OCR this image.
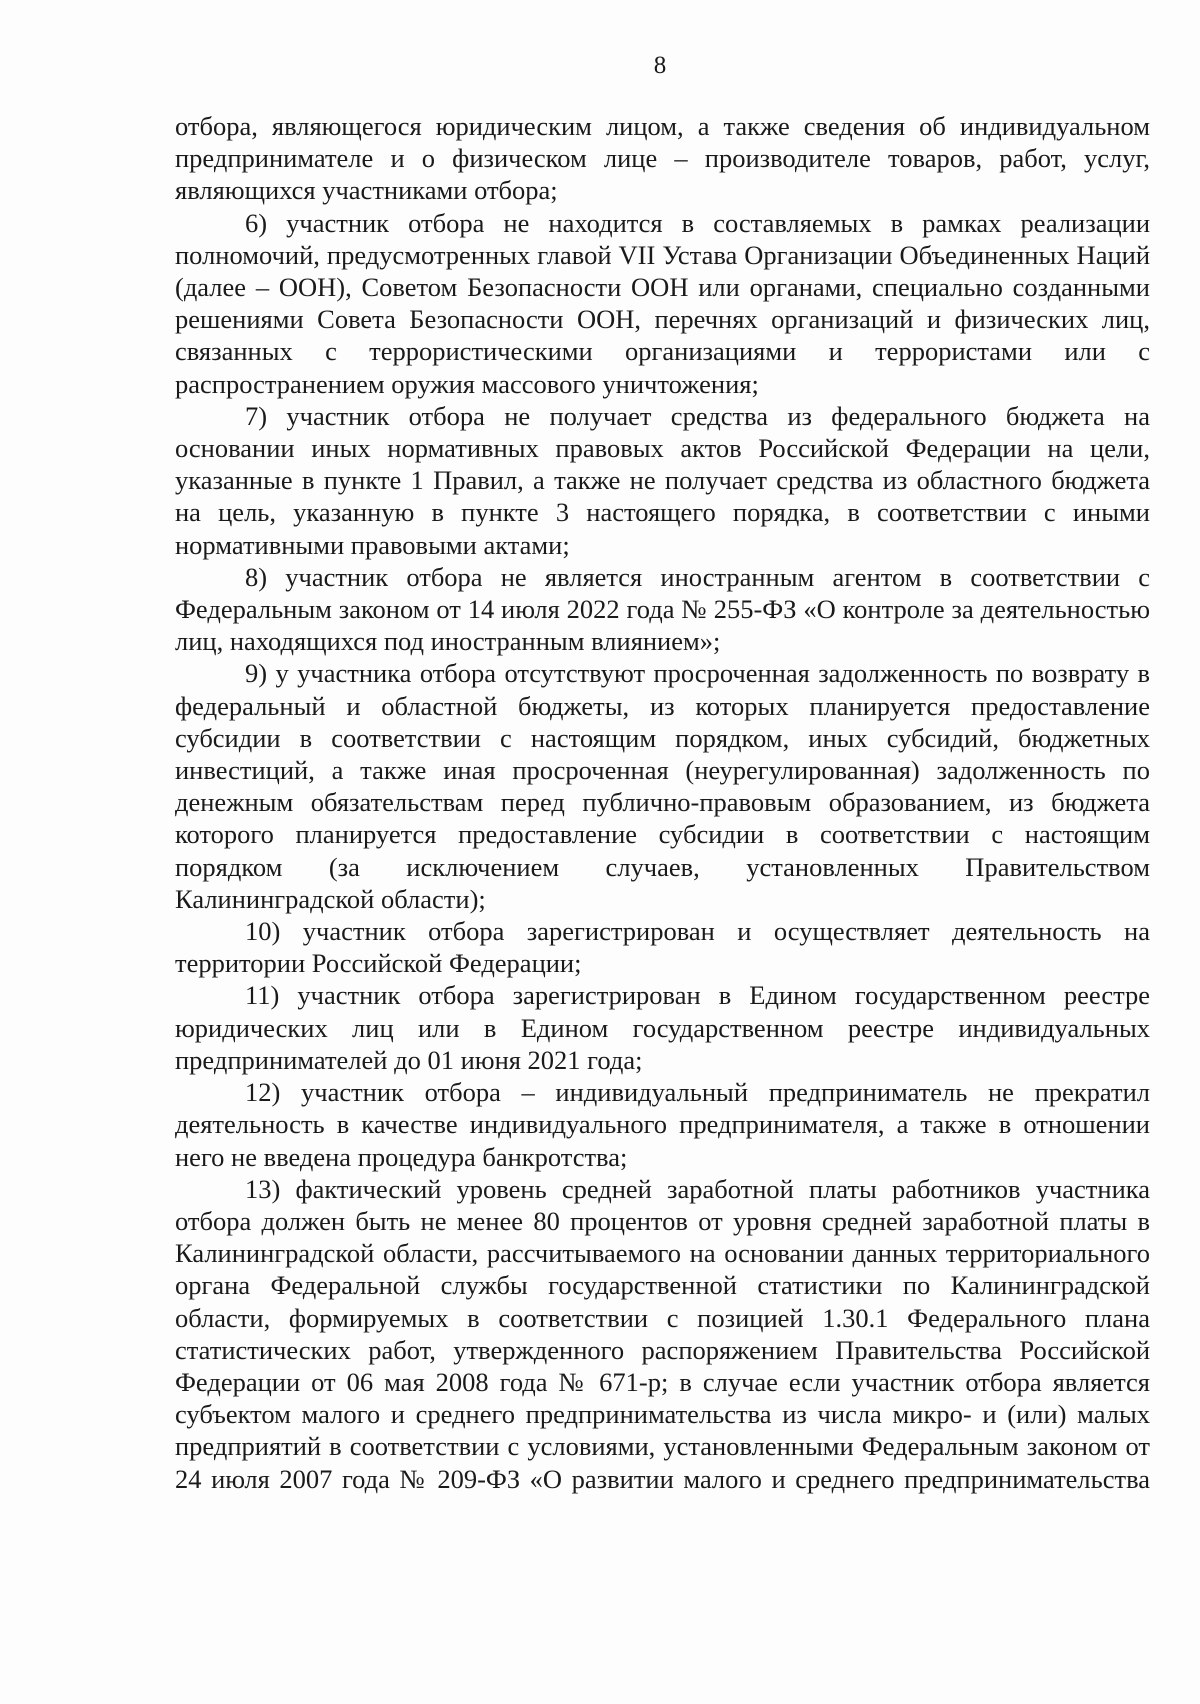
8

отбора, являющегося юридическим лицом, а также сведения об индивидуальном предпринимателе и о физическом лице – производителе товаров, работ, услуг, являющихся участниками отбора;

6) участник отбора не находится в составляемых в рамках реализации полномочий, предусмотренных главой VII Устава Организации Объединенных Наций (далее – ООН), Советом Безопасности ООН или органами, специально созданными решениями Совета Безопасности ООН, перечнях организаций и физических лиц, связанных с террористическими организациями и террористами или с распространением оружия массового уничтожения;

7) участник отбора не получает средства из федерального бюджета на основании иных нормативных правовых актов Российской Федерации на цели, указанные в пункте 1 Правил, а также не получает средства из областного бюджета на цель, указанную в пункте 3 настоящего порядка, в соответствии с иными нормативными правовыми актами;

8) участник отбора не является иностранным агентом в соответствии с Федеральным законом от 14 июля 2022 года № 255-ФЗ «О контроле за деятельностью лиц, находящихся под иностранным влиянием»;

9) у участника отбора отсутствуют просроченная задолженность по возврату в федеральный и областной бюджеты, из которых планируется предоставление субсидии в соответствии с настоящим порядком, иных субсидий, бюджетных инвестиций, а также иная просроченная (неурегулированная) задолженность по денежным обязательствам перед публично-правовым образованием, из бюджета которого планируется предоставление субсидии в соответствии с настоящим порядком (за исключением случаев, установленных Правительством Калининградской области);

10) участник отбора зарегистрирован и осуществляет деятельность на территории Российской Федерации;

11) участник отбора зарегистрирован в Едином государственном реестре юридических лиц или в Едином государственном реестре индивидуальных предпринимателей до 01 июня 2021 года;

12) участник отбора – индивидуальный предприниматель не прекратил деятельность в качестве индивидуального предпринимателя, а также в отношении него не введена процедура банкротства;

13) фактический уровень средней заработной платы работников участника отбора должен быть не менее 80 процентов от уровня средней заработной платы в Калининградской области, рассчитываемого на основании данных территориального органа Федеральной службы государственной статистики по Калининградской области, формируемых в соответствии с позицией 1.30.1 Федерального плана статистических работ, утвержденного распоряжением Правительства Российской Федерации от 06 мая 2008 года № 671-р; в случае если участник отбора является субъектом малого и среднего предпринимательства из числа микро- и (или) малых предприятий в соответствии с условиями, установленными Федеральным законом от 24 июля 2007 года № 209-ФЗ «О развитии малого и среднего предпринимательства
